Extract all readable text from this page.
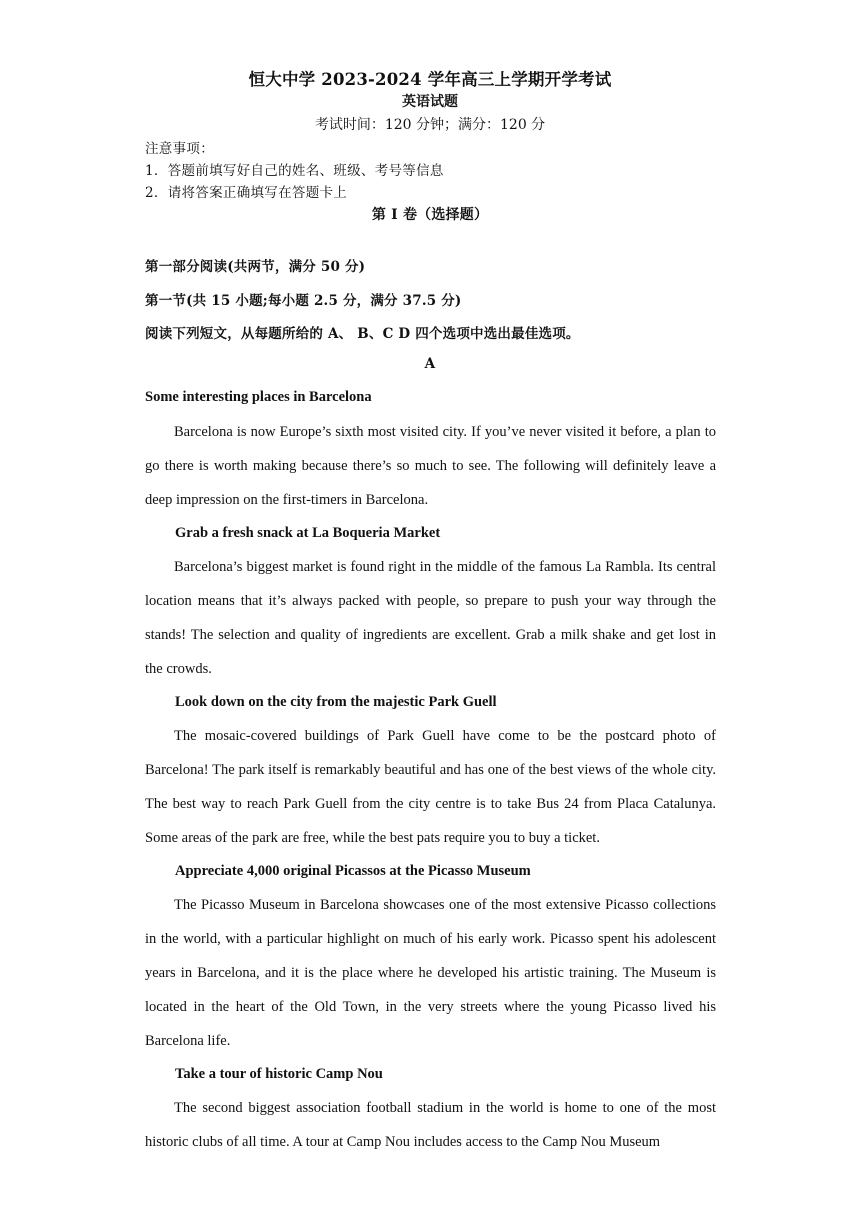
恒大中学 2023-2024 学年高三上学期开学考试
英语试题
考试时间：120 分钟；满分：120 分
注意事项：
1．答题前填写好自己的姓名、班级、考号等信息
2．请将答案正确填写在答题卡上
第 I 卷（选择题）
第一部分阅读(共两节，满分 50 分)
第一节(共 15 小题;每小题 2.5 分，满分 37.5 分)
阅读下列短文，从每题所给的 A、 B、C D 四个选项中选出最佳选项。
A
Some interesting places in Barcelona

Barcelona is now Europe’s sixth most visited city. If you’ve never visited it before, a plan to go there is worth making because there’s so much to see. The following will definitely leave a deep impression on the first-timers in Barcelona.

Grab a fresh snack at La Boqueria Market

Barcelona’s biggest market is found right in the middle of the famous La Rambla. Its central location means that it’s always packed with people, so prepare to push your way through the stands! The selection and quality of ingredients are excellent. Grab a milk shake and get lost in the crowds.

Look down on the city from the majestic Park Guell

The mosaic-covered buildings of Park Guell have come to be the postcard photo of Barcelona! The park itself is remarkably beautiful and has one of the best views of the whole city. The best way to reach Park Guell from the city centre is to take Bus 24 from Placa Catalunya. Some areas of the park are free, while the best pats require you to buy a ticket.

Appreciate 4,000 original Picassos at the Picasso Museum

The Picasso Museum in Barcelona showcases one of the most extensive Picasso collections in the world, with a particular highlight on much of his early work. Picasso spent his adolescent years in Barcelona, and it is the place where he developed his artistic training. The Museum is located in the heart of the Old Town, in the very streets where the young Picasso lived his Barcelona life.

Take a tour of historic Camp Nou

The second biggest association football stadium in the world is home to one of the most historic clubs of all time. A tour at Camp Nou includes access to the Camp Nou Museum
